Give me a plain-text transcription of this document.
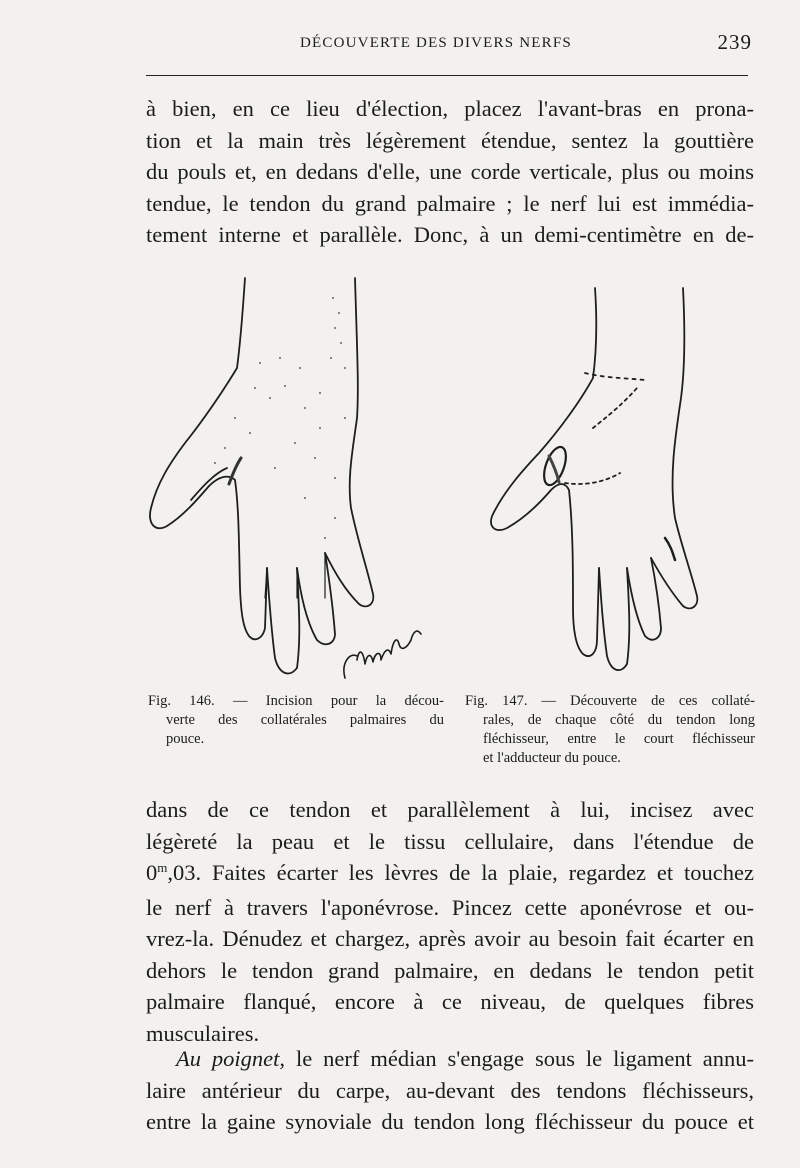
DÉCOUVERTE DES DIVERS NERFS	239
à bien, en ce lieu d'élection, placez l'avant-bras en prona-
tion et la main très légèrement étendue, sentez la gouttière
du pouls et, en dedans d'elle, une corde verticale, plus ou moins
tendue, le tendon du grand palmaire ; le nerf lui est immédia-
tement interne et parallèle. Donc, à un demi-centimètre en de-
Fig. 146. — Incision pour la décou-
verte des collatérales palmaires du
pouce.
Fig. 147. — Découverte de ces collaté-
rales, de chaque côté du tendon long
fléchisseur, entre le court fléchisseur
et l'adducteur du pouce.
dans de ce tendon et parallèlement à lui, incisez avec
légèreté la peau et le tissu cellulaire, dans l'étendue de
0$^m$,03. Faites écarter les lèvres de la plaie, regardez et touchez
le nerf à travers l'aponévrose. Pincez cette aponévrose et ou-
vrez-la. Dénudez et chargez, après avoir au besoin fait écarter en
dehors le tendon grand palmaire, en dedans le tendon petit
palmaire flanqué, encore à ce niveau, de quelques fibres
musculaires.
Au poignet, le nerf médian s'engage sous le ligament annu-
laire antérieur du carpe, au-devant des tendons fléchisseurs,
entre la gaine synoviale du tendon long fléchisseur du pouce et
